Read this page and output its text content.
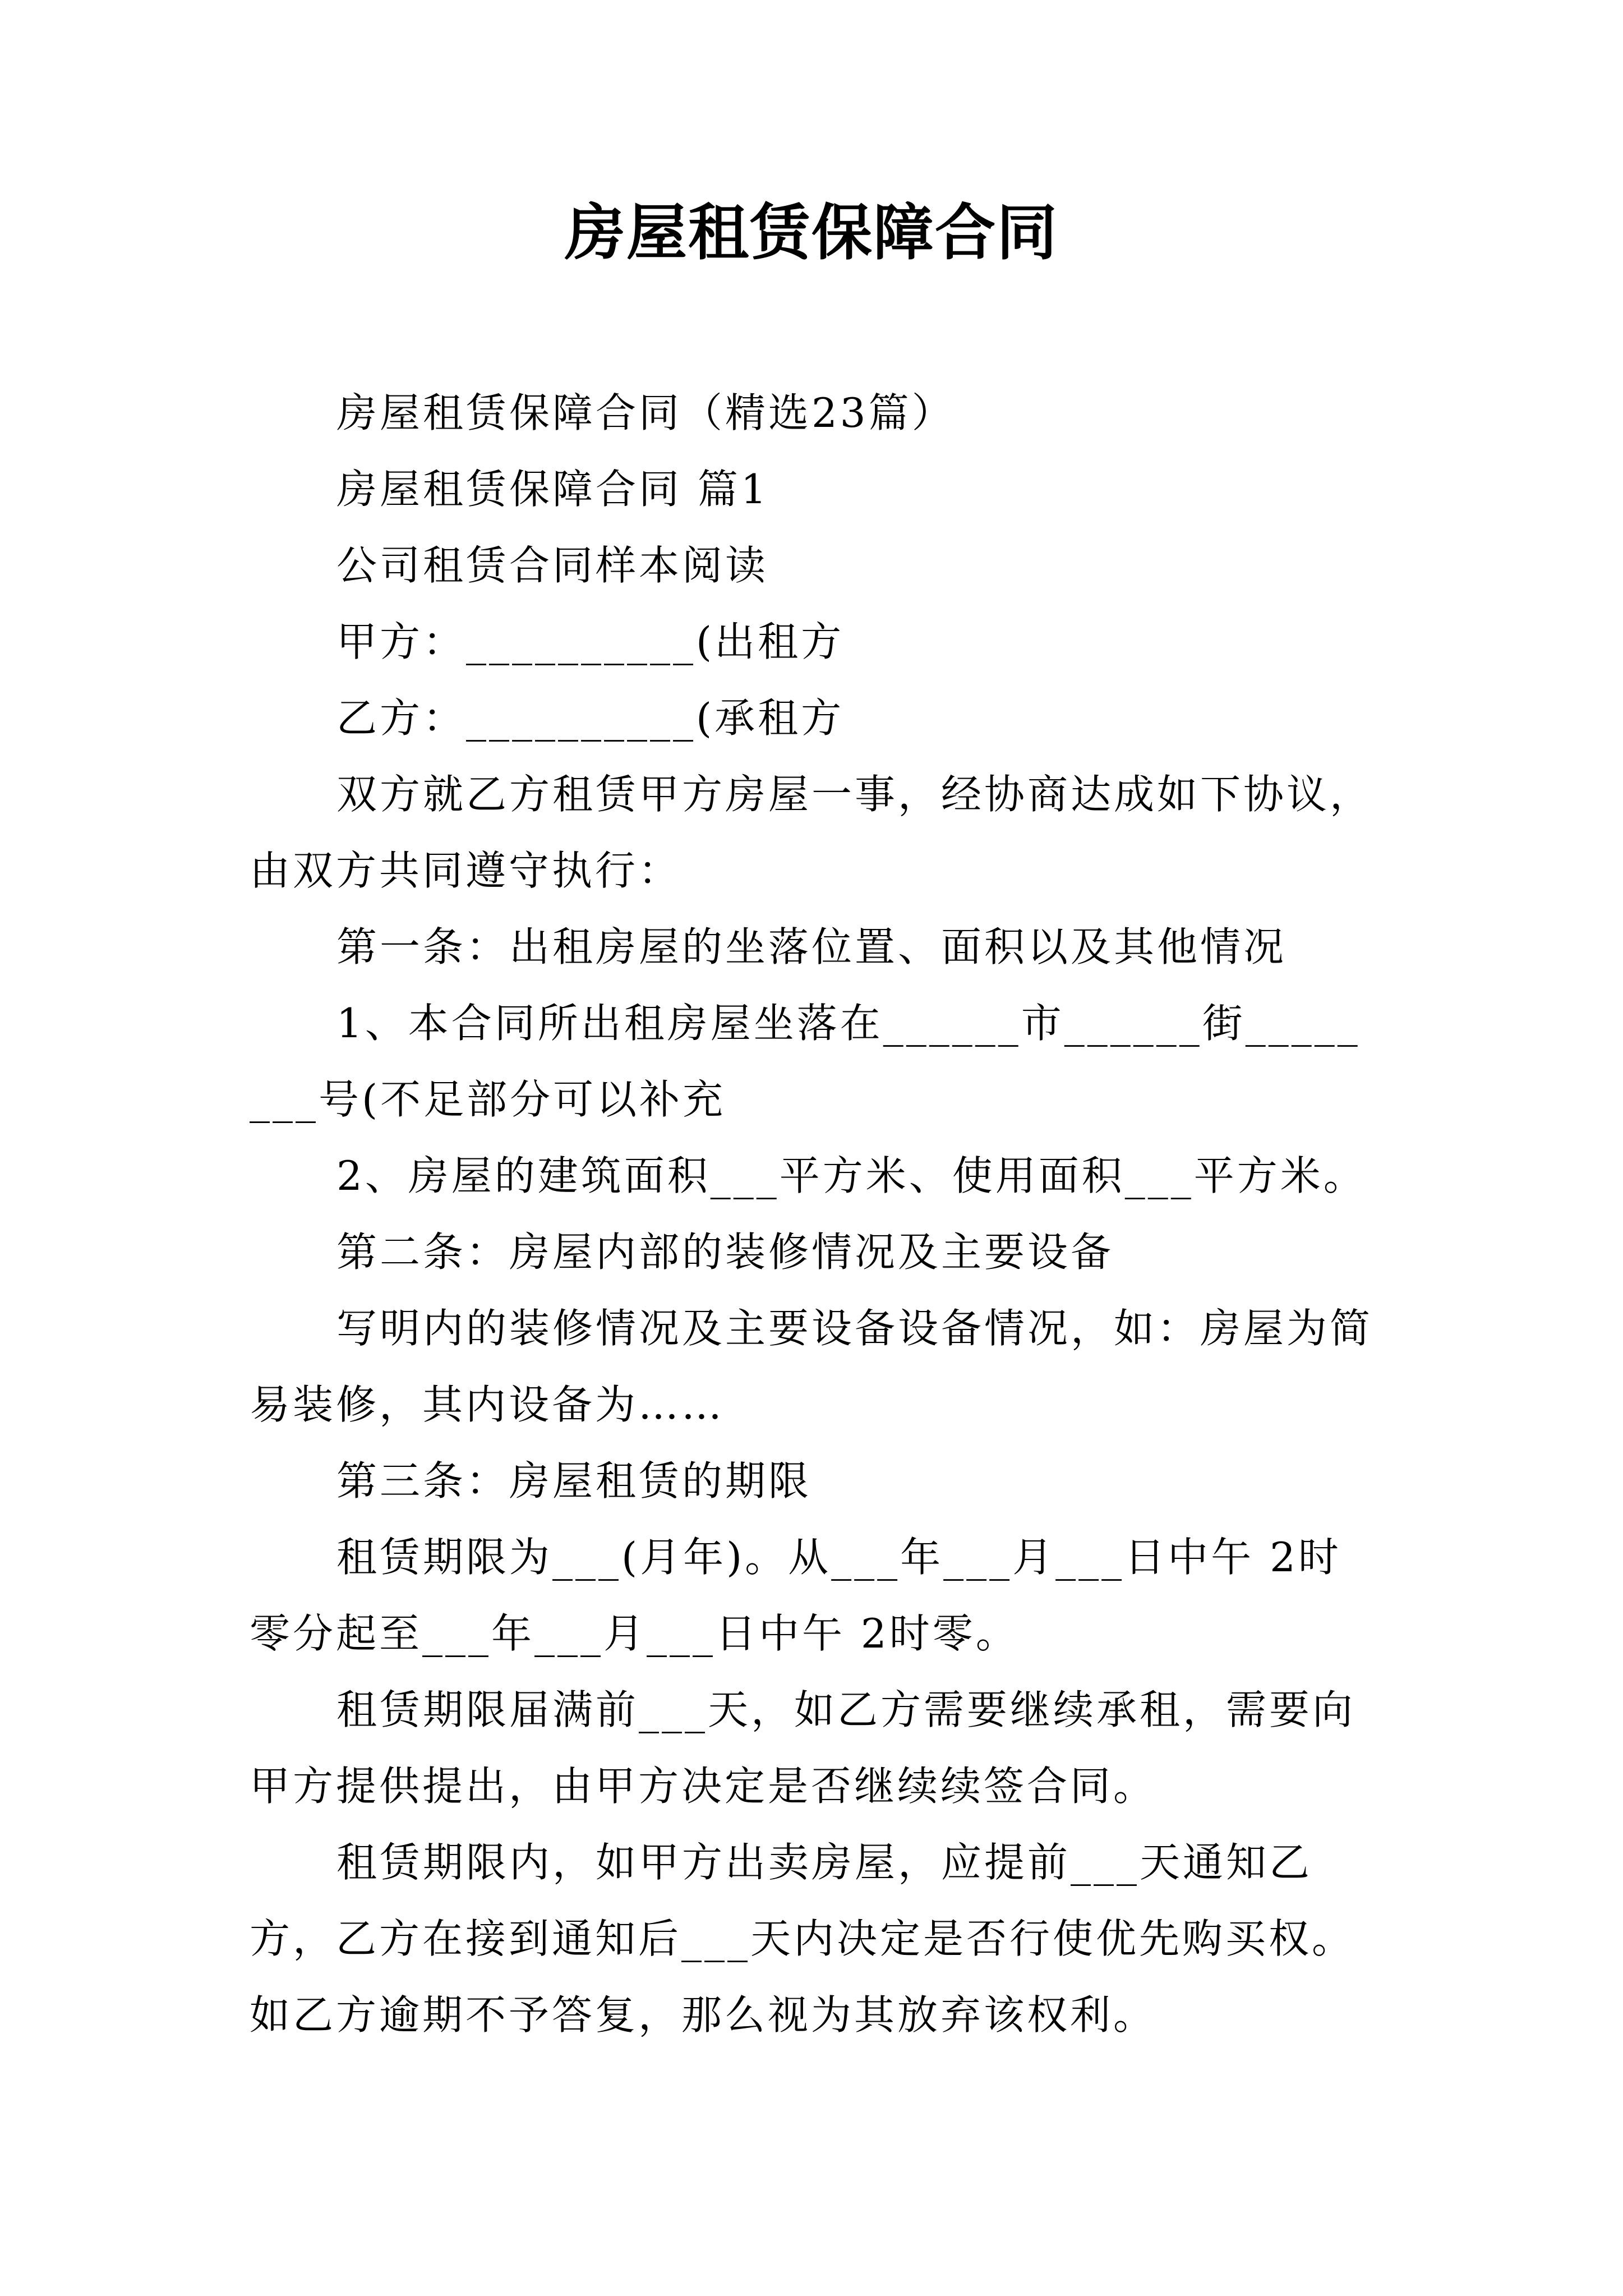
房屋租赁保障合同

房屋租赁保障合同（精选23篇）

房屋租赁保障合同 篇1

公司租赁合同样本阅读

甲方：__________(出租方

乙方：__________(承租方

双方就乙方租赁甲方房屋一事，经协商达成如下协议，由双方共同遵守执行：

第一条：出租房屋的坐落位置、面积以及其他情况

1、本合同所出租房屋坐落在______市______街________号(不足部分可以补充

2、房屋的建筑面积___平方米、使用面积___平方米。

第二条：房屋内部的装修情况及主要设备

写明内的装修情况及主要设备设备情况，如：房屋为简易装修，其内设备为……

第三条：房屋租赁的期限

租赁期限为___(月年)。从___年___月___日中午 2时零分起至___年___月___日中午 2时零。

租赁期限届满前___天，如乙方需要继续承租，需要向甲方提供提出，由甲方决定是否继续续签合同。

租赁期限内，如甲方出卖房屋，应提前___天通知乙方，乙方在接到通知后___天内决定是否行使优先购买权。如乙方逾期不予答复，那么视为其放弃该权利。
